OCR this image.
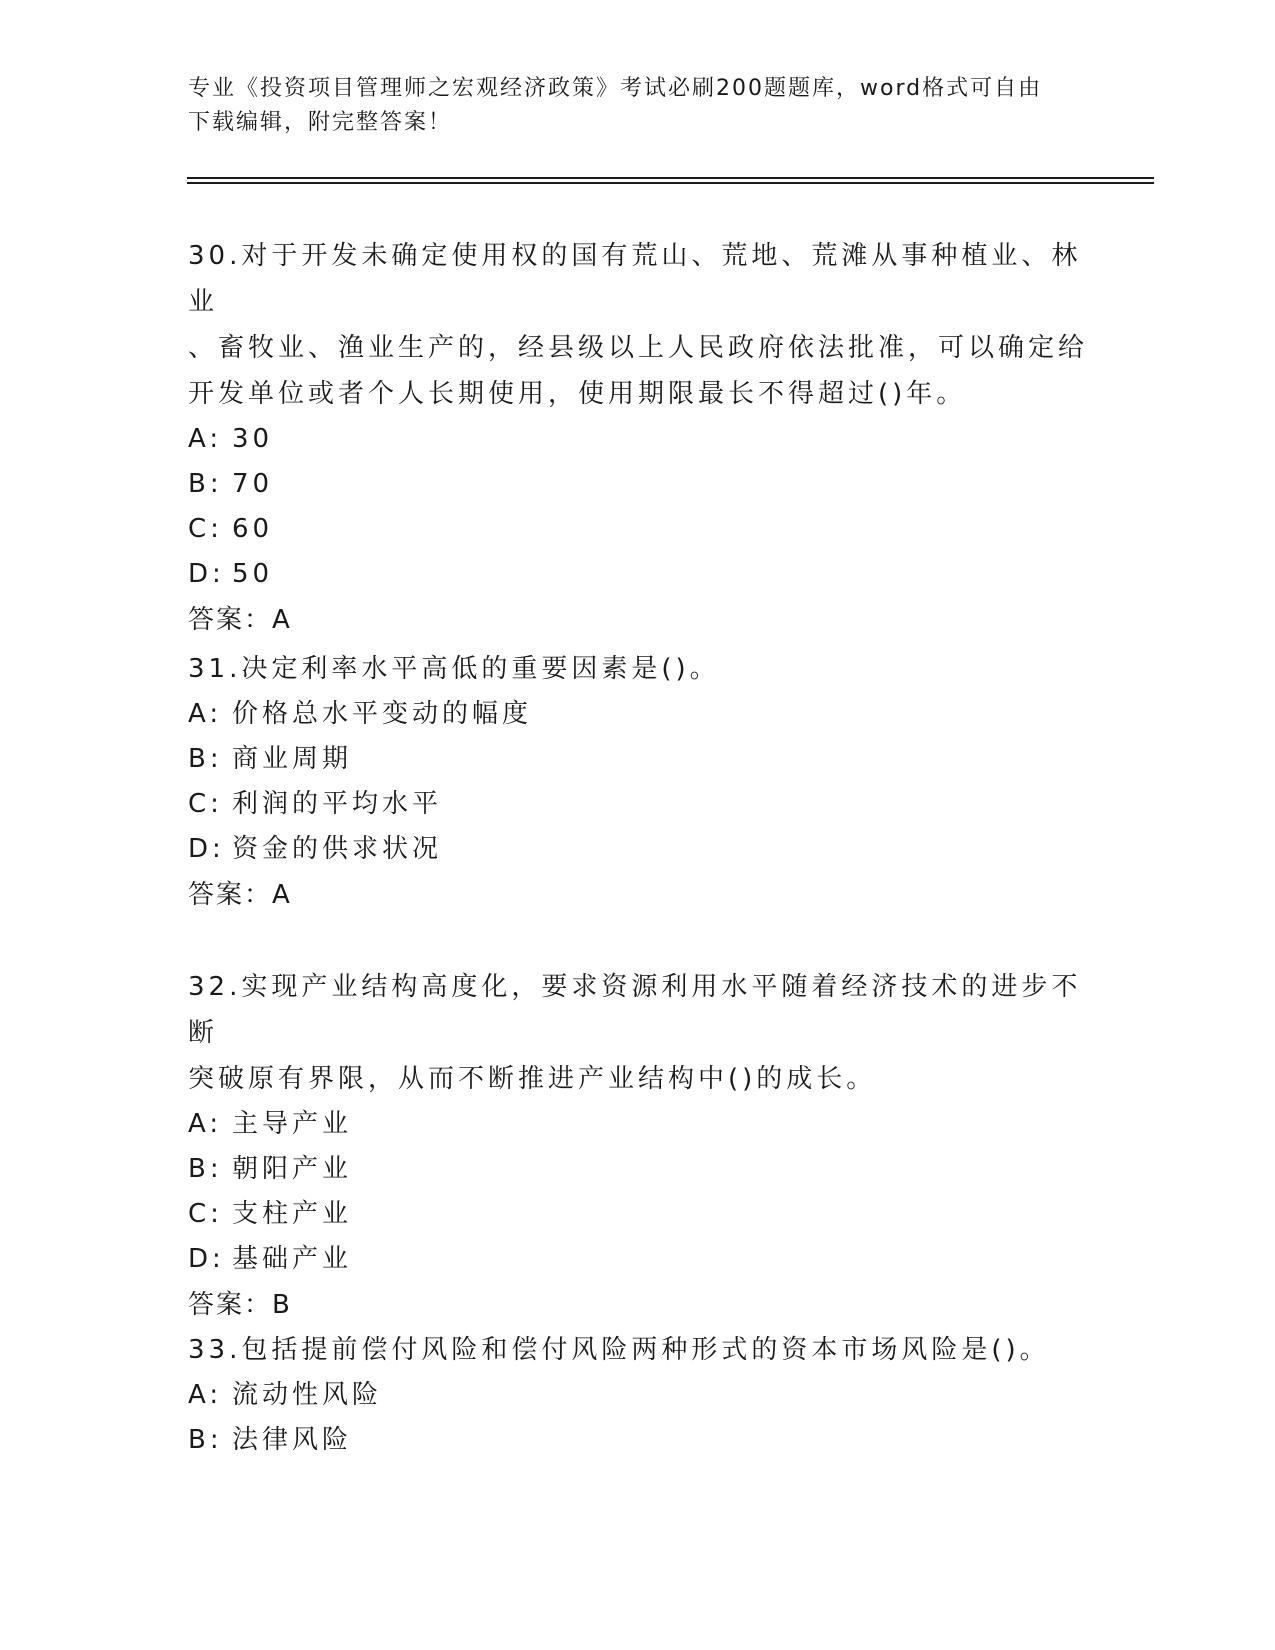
专业《投资项目管理师之宏观经济政策》考试必刷200题题库，word格式可自由
下载编辑，附完整答案！

30.对于开发未确定使用权的国有荒山、荒地、荒滩从事种植业、林业

、畜牧业、渔业生产的，经县级以上人民政府依法批准，可以确定给

开发单位或者个人长期使用，使用期限最长不得超过()年。

A: 30

B: 70

C: 60

D: 50

答案：A

31.决定利率水平高低的重要因素是()。

A: 价格总水平变动的幅度

B: 商业周期

C: 利润的平均水平

D: 资金的供求状况

答案：A

32.实现产业结构高度化，要求资源利用水平随着经济技术的进步不断

突破原有界限，从而不断推进产业结构中()的成长。

A: 主导产业

B: 朝阳产业

C: 支柱产业

D: 基础产业

答案：B

33.包括提前偿付风险和偿付风险两种形式的资本市场风险是()。

A: 流动性风险

B: 法律风险
